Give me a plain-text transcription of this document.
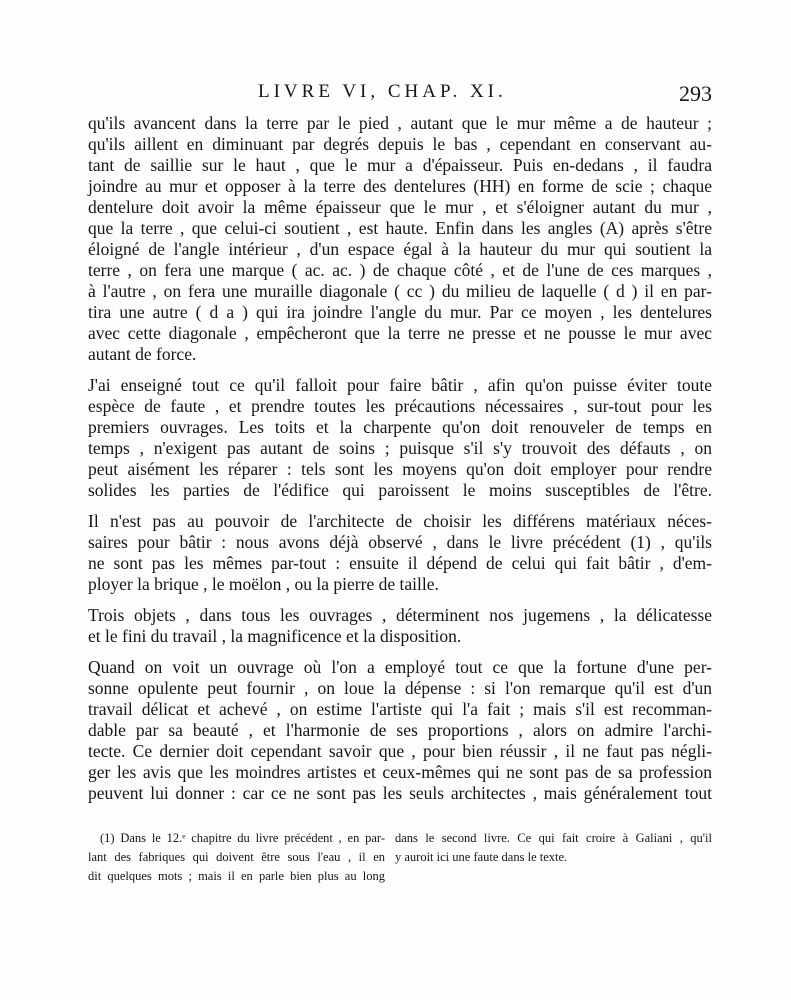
LIVRE VI, CHAP. XI.	293
qu'ils avancent dans la terre par le pied , autant que le mur même a de hauteur ;
qu'ils aillent en diminuant par degrés depuis le bas , cependant en conservant au-
tant de saillie sur le haut , que le mur a d'épaisseur. Puis en-dedans , il faudra
joindre au mur et opposer à la terre des dentelures (HH) en forme de scie ; chaque
dentelure doit avoir la même épaisseur que le mur , et s'éloigner autant du mur ,
que la terre , que celui-ci soutient , est haute. Enfin dans les angles (A) après s'être
éloigné de l'angle intérieur , d'un espace égal à la hauteur du mur qui soutient la
terre , on fera une marque ( ac. ac. ) de chaque côté , et de l'une de ces marques ,
à l'autre , on fera une muraille diagonale ( cc ) du milieu de laquelle ( d ) il en par-
tira une autre ( d a ) qui ira joindre l'angle du mur. Par ce moyen , les dentelures
avec cette diagonale , empêcheront que la terre ne presse et ne pousse le mur avec
autant de force.
J'ai enseigné tout ce qu'il falloit pour faire bâtir , afin qu'on puisse éviter toute
espèce de faute , et prendre toutes les précautions nécessaires , sur-tout pour les
premiers ouvrages. Les toits et la charpente qu'on doit renouveler de temps en
temps , n'exigent pas autant de soins ; puisque s'il s'y trouvoit des défauts , on
peut aisément les réparer : tels sont les moyens qu'on doit employer pour rendre
solides les parties de l'édifice qui paroissent le moins susceptibles de l'être.
Il n'est pas au pouvoir de l'architecte de choisir les différens matériaux néces-
saires pour bâtir : nous avons déjà observé , dans le livre précédent (1) , qu'ils
ne sont pas les mêmes par-tout : ensuite il dépend de celui qui fait bâtir , d'em-
ployer la brique , le moëlon , ou la pierre de taille.
Trois objets , dans tous les ouvrages , déterminent nos jugemens , la délicatesse
et le fini du travail , la magnificence et la disposition.
Quand on voit un ouvrage où l'on a employé tout ce que la fortune d'une per-
sonne opulente peut fournir , on loue la dépense : si l'on remarque qu'il est d'un
travail délicat et achevé , on estime l'artiste qui l'a fait ; mais s'il est recomman-
dable par sa beauté , et l'harmonie de ses proportions , alors on admire l'archi-
tecte. Ce dernier doit cependant savoir que , pour bien réussir , il ne faut pas négli-
ger les avis que les moindres artistes et ceux-mêmes qui ne sont pas de sa profession
peuvent lui donner : car ce ne sont pas les seuls architectes , mais généralement tout
(1) Dans le 12.ᵉ chapitre du livre précédent , en par-
lant des fabriques qui doivent être sous l'eau , il en
dit quelques mots ; mais il en parle bien plus au long
dans le second livre. Ce qui fait croire à Galiani , qu'il
y auroit ici une faute dans le texte.
